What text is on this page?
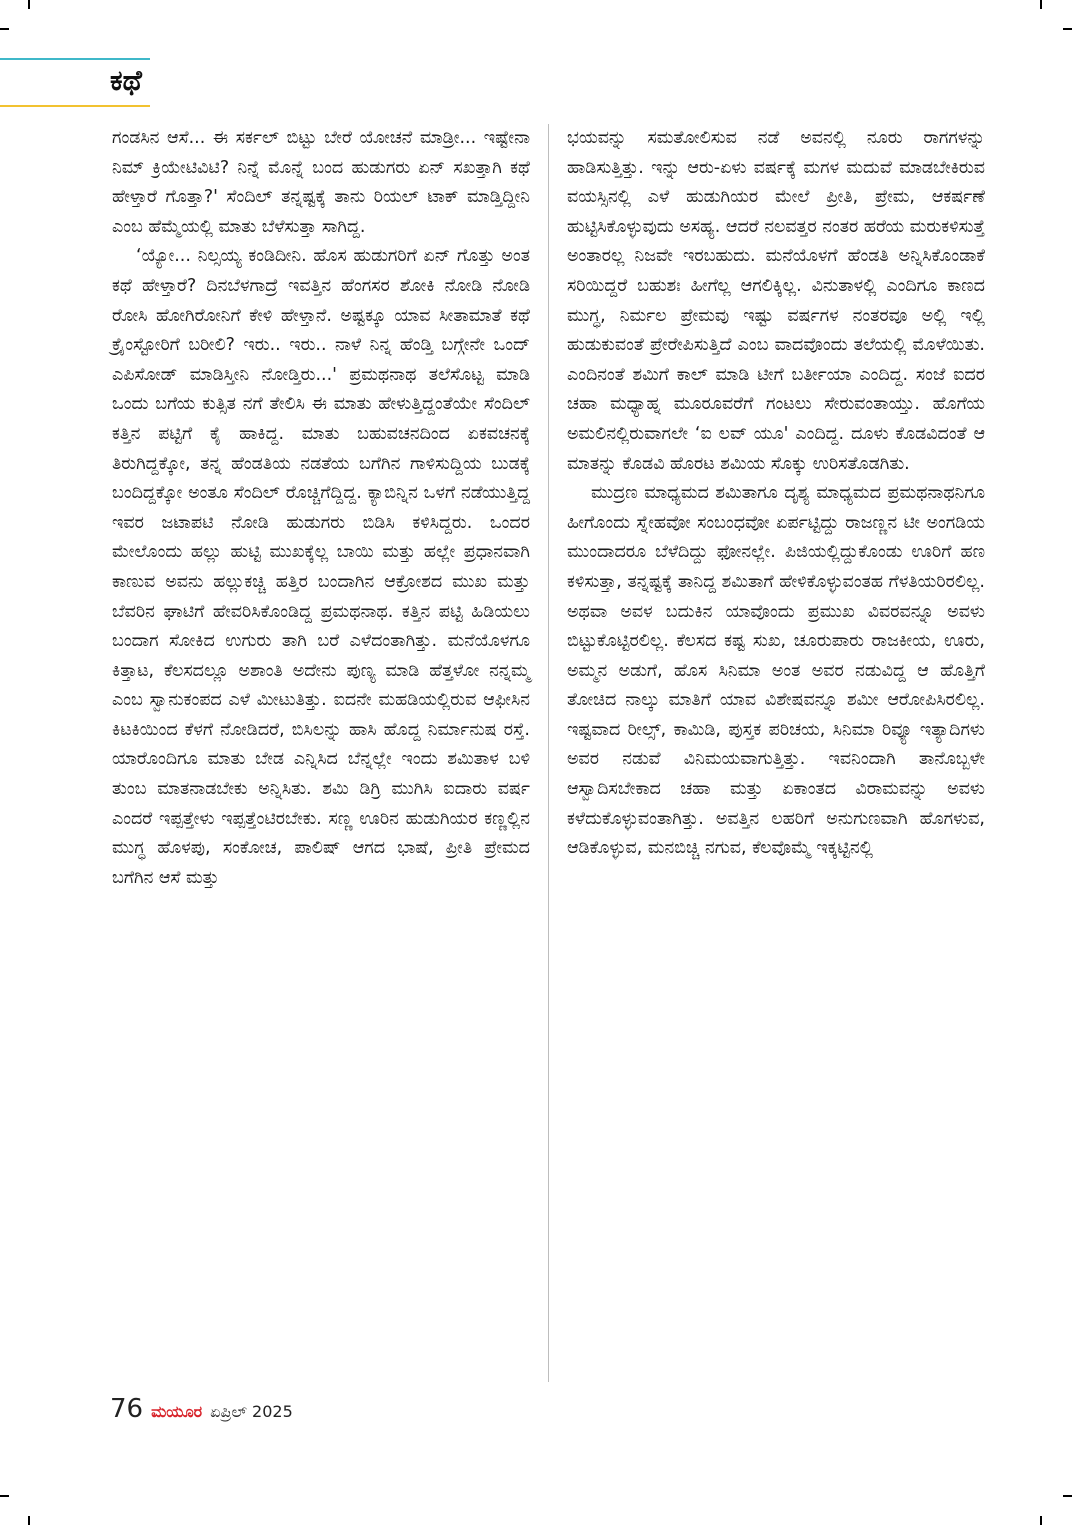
ಕಥೆ

ಗಂಡಸಿನ ಆಸೆ... ಈ ಸರ್ಕಲ್ ಬಿಟ್ಟು ಬೇರೆ ಯೋಚನೆ ಮಾಡ್ರೀ... ಇಷ್ಟೇನಾ ನಿಮ್ ಕ್ರಿಯೇಟಿವಿಟಿ? ನಿನ್ನೆ ಮೊನ್ನೆ ಬಂದ ಹುಡುಗರು ಏನ್ ಸಖತ್ತಾಗಿ ಕಥೆ ಹೇಳ್ತಾರೆ ಗೊತ್ತಾ?' ಸೆಂದಿಲ್ ತನ್ನಷ್ಟಕ್ಕೆ ತಾನು ರಿಯಲ್ ಟಾಕ್ ಮಾಡ್ತಿದ್ದೀನಿ ಎಂಬ ಹೆಮ್ಮೆಯಲ್ಲಿ ಮಾತು ಬೆಳೆಸುತ್ತಾ ಸಾಗಿದ್ದ.

‘ಯ್ಯೋ... ನಿಲ್ಸಯ್ಯ ಕಂಡಿದೀನಿ. ಹೊಸ ಹುಡುಗರಿಗೆ ಏನ್ ಗೊತ್ತು ಅಂತ ಕಥೆ ಹೇಳ್ತಾರೆ? ದಿನಬೆಳಗಾದ್ರೆ ಇವತ್ತಿನ ಹೆಂಗಸರ ಶೋಕಿ ನೋಡಿ ನೋಡಿ ರೋಸಿ ಹೋಗಿರೋನಿಗೆ ಕೇಳಿ ಹೇಳ್ತಾನೆ. ಅಷ್ಟಕ್ಕೂ ಯಾವ ಸೀತಾಮಾತೆ ಕಥೆ ಕ್ರೈಂಸ್ಟೋರಿಗೆ ಬರೀಲಿ? ಇರು.. ಇರು.. ನಾಳೆ ನಿನ್ನ ಹೆಂಡ್ತಿ ಬಗ್ಗೇನೇ ಒಂದ್ ಎಪಿಸೋಡ್ ಮಾಡಿಸ್ತೀನಿ ನೋಡ್ತಿರು...' ಪ್ರಮಥನಾಥ ತಲೆಸೊಟ್ಟ ಮಾಡಿ ಒಂದು ಬಗೆಯ ಕುತ್ಸಿತ ನಗೆ ತೇಲಿಸಿ ಈ ಮಾತು ಹೇಳುತ್ತಿದ್ದಂತೆಯೇ ಸೆಂದಿಲ್ ಕತ್ತಿನ ಪಟ್ಟಿಗೆ ಕೈ ಹಾಕಿದ್ದ. ಮಾತು ಬಹುವಚನದಿಂದ ಏಕವಚನಕ್ಕೆ ತಿರುಗಿದ್ದಕ್ಕೋ, ತನ್ನ ಹೆಂಡತಿಯ ನಡತೆಯ ಬಗೆಗಿನ ಗಾಳಿಸುದ್ದಿಯ ಬುಡಕ್ಕೆ ಬಂದಿದ್ದಕ್ಕೋ ಅಂತೂ ಸೆಂದಿಲ್ ರೊಚ್ಚಿಗೆದ್ದಿದ್ದ. ಕ್ಯಾಬಿನ್ನಿನ ಒಳಗೆ ನಡೆಯುತ್ತಿದ್ದ ಇವರ ಜಟಾಪಟಿ ನೋಡಿ ಹುಡುಗರು ಬಿಡಿಸಿ ಕಳಿಸಿದ್ದರು. ಒಂದರ ಮೇಲೊಂದು ಹಲ್ಲು ಹುಟ್ಟಿ ಮುಖಕ್ಕೆಲ್ಲ ಬಾಯಿ ಮತ್ತು ಹಲ್ಲೇ ಪ್ರಧಾನವಾಗಿ ಕಾಣುವ ಅವನು ಹಲ್ಲುಕಚ್ಚಿ ಹತ್ತಿರ ಬಂದಾಗಿನ ಆಕ್ರೋಶದ ಮುಖ ಮತ್ತು ಬೆವರಿನ ಘಾಟಿಗೆ ಹೇವರಿಸಿಕೊಂಡಿದ್ದ ಪ್ರಮಥನಾಥ. ಕತ್ತಿನ ಪಟ್ಟಿ ಹಿಡಿಯಲು ಬಂದಾಗ ಸೋಕಿದ ಉಗುರು ತಾಗಿ ಬರೆ ಎಳೆದಂತಾಗಿತ್ತು. ಮನೆಯೊಳಗೂ ಕಿತ್ತಾಟ, ಕೆಲಸದಲ್ಲೂ ಅಶಾಂತಿ ಅದೇನು ಪುಣ್ಯ ಮಾಡಿ ಹೆತ್ತಳೋ ನನ್ನಮ್ಮ ಎಂಬ ಸ್ವಾನುಕಂಪದ ಎಳೆ ಮೀಟುತಿತ್ತು. ಐದನೇ ಮಹಡಿಯಲ್ಲಿರುವ ಆಫೀಸಿನ ಕಿಟಕಿಯಿಂದ ಕೆಳಗೆ ನೋಡಿದರೆ, ಬಿಸಿಲನ್ನು ಹಾಸಿ ಹೊದ್ದ ನಿರ್ಮಾನುಷ ರಸ್ತೆ. ಯಾರೊಂದಿಗೂ ಮಾತು ಬೇಡ ಎನ್ನಿಸಿದ ಬೆನ್ನಲ್ಲೇ ಇಂದು ಶಮಿತಾಳ ಬಳಿ ತುಂಬ ಮಾತನಾಡಬೇಕು ಅನ್ನಿಸಿತು. ಶಮಿ ಡಿಗ್ರಿ ಮುಗಿಸಿ ಐದಾರು ವರ್ಷ ಎಂದರೆ ಇಪ್ಪತ್ತೇಳು ಇಪ್ಪತ್ತೆಂಟಿರಬೇಕು. ಸಣ್ಣ ಊರಿನ ಹುಡುಗಿಯರ ಕಣ್ಣಲ್ಲಿನ ಮುಗ್ಧ ಹೊಳಪು, ಸಂಕೋಚ, ಪಾಲಿಷ್ ಆಗದ ಭಾಷೆ, ಪ್ರೀತಿ ಪ್ರೇಮದ ಬಗೆಗಿನ ಆಸೆ ಮತ್ತು

ಭಯವನ್ನು ಸಮತೋಲಿಸುವ ನಡೆ ಅವನಲ್ಲಿ ನೂರು ರಾಗಗಳನ್ನು ಹಾಡಿಸುತ್ತಿತ್ತು. ಇನ್ನು ಆರು-ಏಳು ವರ್ಷಕ್ಕೆ ಮಗಳ ಮದುವೆ ಮಾಡಬೇಕಿರುವ ವಯಸ್ಸಿನಲ್ಲಿ ಎಳೆ ಹುಡುಗಿಯರ ಮೇಲೆ ಪ್ರೀತಿ, ಪ್ರೇಮ, ಆಕರ್ಷಣೆ ಹುಟ್ಟಿಸಿಕೊಳ್ಳುವುದು ಅಸಹ್ಯ. ಆದರೆ ನಲವತ್ತರ ನಂತರ ಹರೆಯ ಮರುಕಳಿಸುತ್ತೆ ಅಂತಾರಲ್ಲ ನಿಜವೇ ಇರಬಹುದು. ಮನೆಯೊಳಗೆ ಹೆಂಡತಿ ಅನ್ನಿಸಿಕೊಂಡಾಕೆ ಸರಿಯಿದ್ದರೆ ಬಹುಶಃ ಹೀಗೆಲ್ಲ ಆಗಲಿಕ್ಕಿಲ್ಲ. ವಿನುತಾಳಲ್ಲಿ ಎಂದಿಗೂ ಕಾಣದ ಮುಗ್ಧ, ನಿರ್ಮಲ ಪ್ರೇಮವು ಇಷ್ಟು ವರ್ಷಗಳ ನಂತರವೂ ಅಲ್ಲಿ ಇಲ್ಲಿ ಹುಡುಕುವಂತೆ ಪ್ರೇರೇಪಿಸುತ್ತಿದೆ ಎಂಬ ವಾದವೊಂದು ತಲೆಯಲ್ಲಿ ಮೊಳೆಯಿತು. ಎಂದಿನಂತೆ ಶಮಿಗೆ ಕಾಲ್ ಮಾಡಿ ಟೀಗೆ ಬರ್ತೀಯಾ ಎಂದಿದ್ದ. ಸಂಜೆ ಐದರ ಚಹಾ ಮಧ್ಯಾಹ್ನ ಮೂರೂವರೆಗೆ ಗಂಟಲು ಸೇರುವಂತಾಯ್ತು. ಹೊಗೆಯ ಅಮಲಿನಲ್ಲಿರುವಾಗಲೇ ‘ಐ ಲವ್ ಯೂ' ಎಂದಿದ್ದ. ದೂಳು ಕೊಡವಿದಂತೆ ಆ ಮಾತನ್ನು ಕೊಡವಿ ಹೊರಟ ಶಮಿಯ ಸೊಕ್ಕು ಉರಿಸತೊಡಗಿತು.

ಮುದ್ರಣ ಮಾಧ್ಯಮದ ಶಮಿತಾಗೂ ದೃಶ್ಯ ಮಾಧ್ಯಮದ ಪ್ರಮಥನಾಥನಿಗೂ ಹೀಗೊಂದು ಸ್ನೇಹವೋ ಸಂಬಂಧವೋ ಏರ್ಪಟ್ಟಿದ್ದು ರಾಜಣ್ಣನ ಟೀ ಅಂಗಡಿಯ ಮುಂದಾದರೂ ಬೆಳೆದಿದ್ದು ಫೋನಲ್ಲೇ. ಪಿಜಿಯಲ್ಲಿದ್ದುಕೊಂಡು ಊರಿಗೆ ಹಣ ಕಳಿಸುತ್ತಾ, ತನ್ನಷ್ಟಕ್ಕೆ ತಾನಿದ್ದ ಶಮಿತಾಗೆ ಹೇಳಿಕೊಳ್ಳುವಂತಹ ಗೆಳತಿಯರಿರಲಿಲ್ಲ. ಅಥವಾ ಅವಳ ಬದುಕಿನ ಯಾವೊಂದು ಪ್ರಮುಖ ವಿವರವನ್ನೂ ಅವಳು ಬಿಟ್ಟುಕೊಟ್ಟಿರಲಿಲ್ಲ. ಕೆಲಸದ ಕಷ್ಟ ಸುಖ, ಚೂರುಪಾರು ರಾಜಕೀಯ, ಊರು, ಅಮ್ಮನ ಅಡುಗೆ, ಹೊಸ ಸಿನಿಮಾ ಅಂತ ಅವರ ನಡುವಿದ್ದ ಆ ಹೊತ್ತಿಗೆ ತೋಚಿದ ನಾಲ್ಕು ಮಾತಿಗೆ ಯಾವ ವಿಶೇಷವನ್ನೂ ಶಮೀ ಆರೋಪಿಸಿರಲಿಲ್ಲ. ಇಷ್ಟವಾದ ರೀಲ್ಸ್, ಕಾಮಿಡಿ, ಪುಸ್ತಕ ಪರಿಚಯ, ಸಿನಿಮಾ ರಿವ್ಯೂ ಇತ್ಯಾದಿಗಳು ಅವರ ನಡುವೆ ವಿನಿಮಯವಾಗುತ್ತಿತ್ತು. ಇವನಿಂದಾಗಿ ತಾನೊಬ್ಬಳೇ ಆಸ್ವಾದಿಸಬೇಕಾದ ಚಹಾ ಮತ್ತು ಏಕಾಂತದ ವಿರಾಮವನ್ನು ಅವಳು ಕಳೆದುಕೊಳ್ಳುವಂತಾಗಿತ್ತು. ಅವತ್ತಿನ ಲಹರಿಗೆ ಅನುಗುಣವಾಗಿ ಹೊಗಳುವ, ಆಡಿಕೊಳ್ಳುವ, ಮನಬಿಚ್ಚಿ ನಗುವ, ಕೆಲವೊಮ್ಮೆ ಇಕ್ಕಟ್ಟಿನಲ್ಲಿ

76 ಮಯೂರ ಏಪ್ರಿಲ್ 2025
